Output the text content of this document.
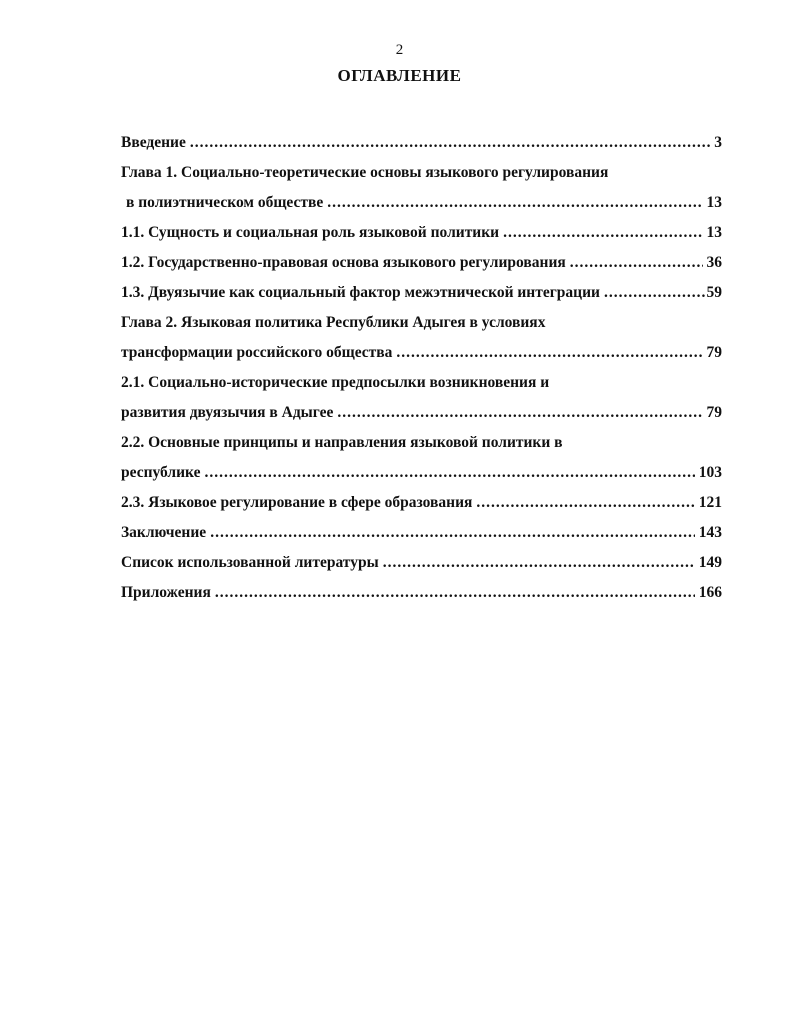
2
ОГЛАВЛЕНИЕ
Введение .....	3
Глава 1. Социально-теоретические основы языкового регулирования
в полиэтническом обществе .....	13
1.1. Сущность и социальная роль языковой политики .....	13
1.2. Государственно-правовая основа языкового регулирования .....	36
1.3. Двуязычие как социальный фактор межэтнической интеграции .....	59
Глава 2. Языковая политика Республики Адыгея в условиях
трансформации российского общества .....	79
2.1. Социально-исторические предпосылки возникновения и
развития двуязычия в Адыгее .....	79
2.2. Основные принципы и направления языковой политики в
республике .....	103
2.3. Языковое регулирование в сфере образования .....	121
Заключение .....	143
Список использованной литературы .....	149
Приложения .....	166
